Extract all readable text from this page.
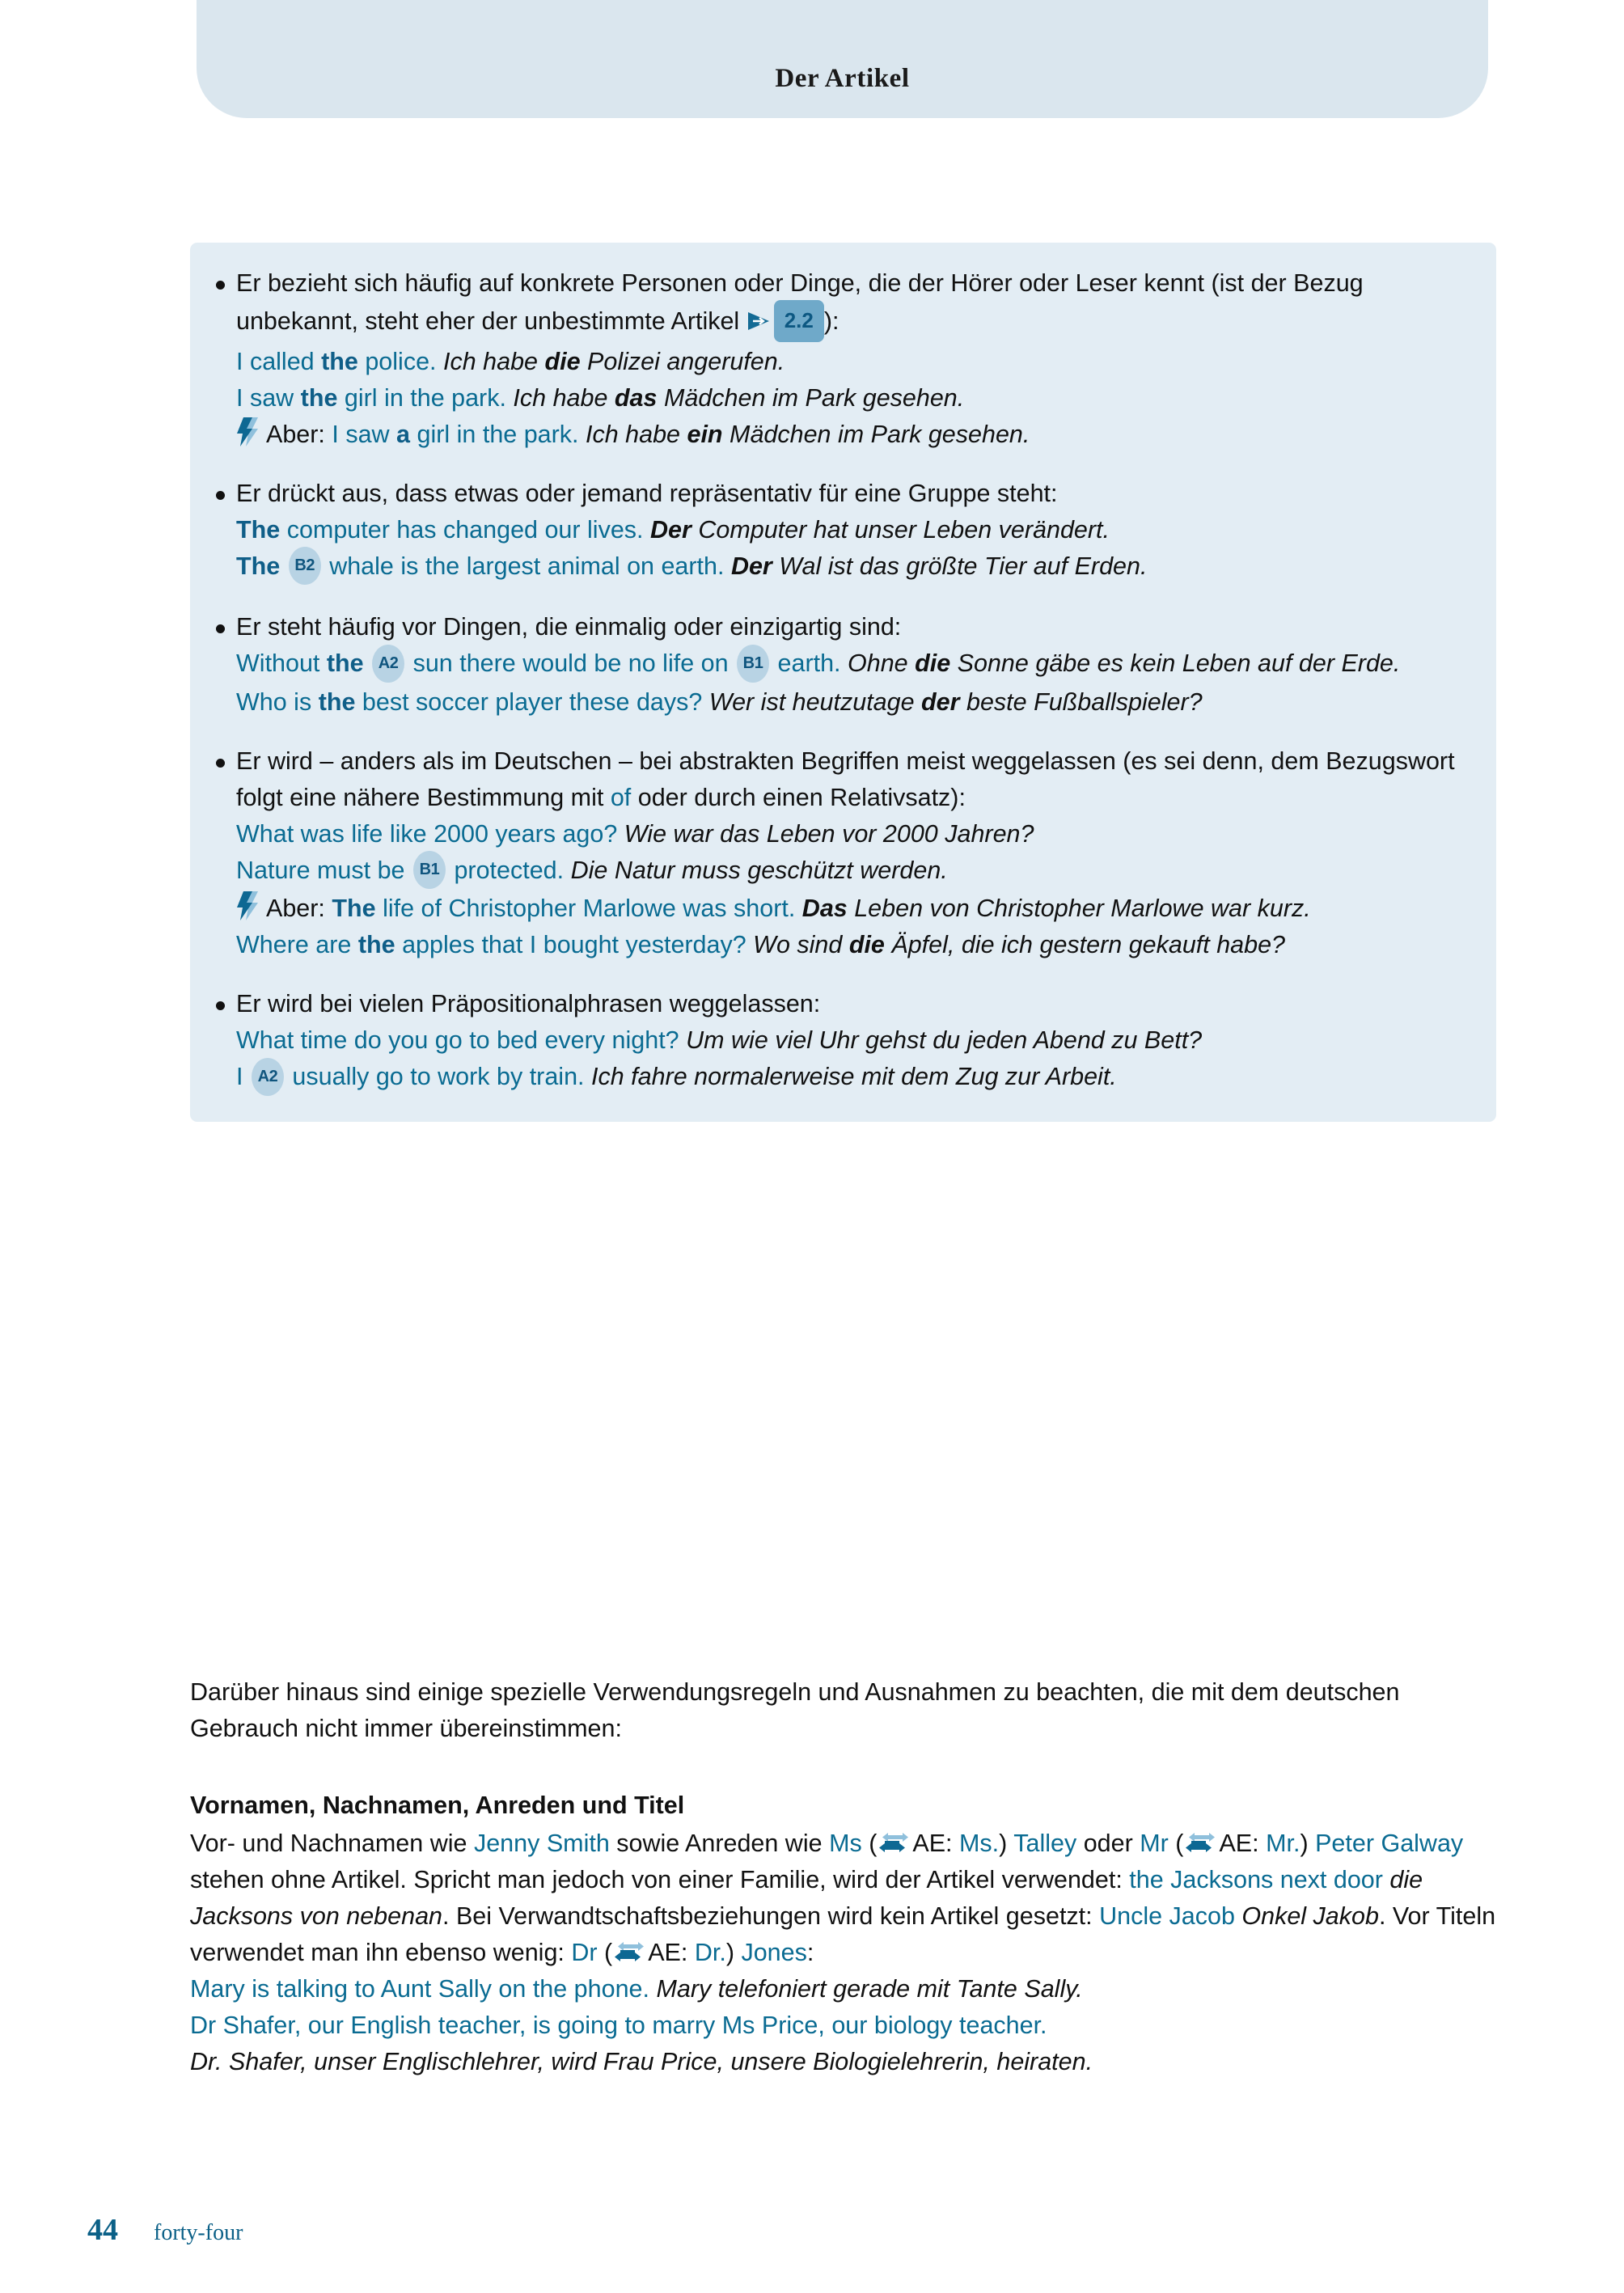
Der Artikel
Er bezieht sich häufig auf konkrete Personen oder Dinge, die der Hörer oder Leser kennt (ist der Bezug unbekannt, steht eher der unbestimmte Artikel 2.2 ):
I called the police. Ich habe die Polizei angerufen.
I saw the girl in the park. Ich habe das Mädchen im Park gesehen.
Aber: I saw a girl in the park. Ich habe ein Mädchen im Park gesehen.
Er drückt aus, dass etwas oder jemand repräsentativ für eine Gruppe steht:
The computer has changed our lives. Der Computer hat unser Leben verändert.
The B2 whale is the largest animal on earth. Der Wal ist das größte Tier auf Erden.
Er steht häufig vor Dingen, die einmalig oder einzigartig sind:
Without the A2 sun there would be no life on B1 earth. Ohne die Sonne gäbe es kein Leben auf der Erde.
Who is the best soccer player these days? Wer ist heutzutage der beste Fußballspieler?
Er wird – anders als im Deutschen – bei abstrakten Begriffen meist weggelassen (es sei denn, dem Bezugswort folgt eine nähere Bestimmung mit of oder durch einen Relativsatz):
What was life like 2000 years ago? Wie war das Leben vor 2000 Jahren?
Nature must be B1 protected. Die Natur muss geschützt werden.
Aber: The life of Christopher Marlowe was short. Das Leben von Christopher Marlowe war kurz.
Where are the apples that I bought yesterday? Wo sind die Äpfel, die ich gestern gekauft habe?
Er wird bei vielen Präpositionalphrasen weggelassen:
What time do you go to bed every night? Um wie viel Uhr gehst du jeden Abend zu Bett?
I A2 usually go to work by train. Ich fahre normalerweise mit dem Zug zur Arbeit.
Darüber hinaus sind einige spezielle Verwendungsregeln und Ausnahmen zu beachten, die mit dem deutschen Gebrauch nicht immer übereinstimmen:
Vornamen, Nachnamen, Anreden und Titel
Vor- und Nachnamen wie Jenny Smith sowie Anreden wie Ms ( AE: Ms.) Talley oder Mr ( AE: Mr.) Peter Galway stehen ohne Artikel. Spricht man jedoch von einer Familie, wird der Artikel verwendet: the Jacksons next door die Jacksons von nebenan. Bei Verwandtschaftsbeziehungen wird kein Artikel gesetzt: Uncle Jacob Onkel Jakob. Vor Titeln verwendet man ihn ebenso wenig: Dr ( AE: Dr.) Jones:
Mary is talking to Aunt Sally on the phone. Mary telefoniert gerade mit Tante Sally.
Dr Shafer, our English teacher, is going to marry Ms Price, our biology teacher.
Dr. Shafer, unser Englischlehrer, wird Frau Price, unsere Biologielehrerin, heiraten.
44 forty-four
